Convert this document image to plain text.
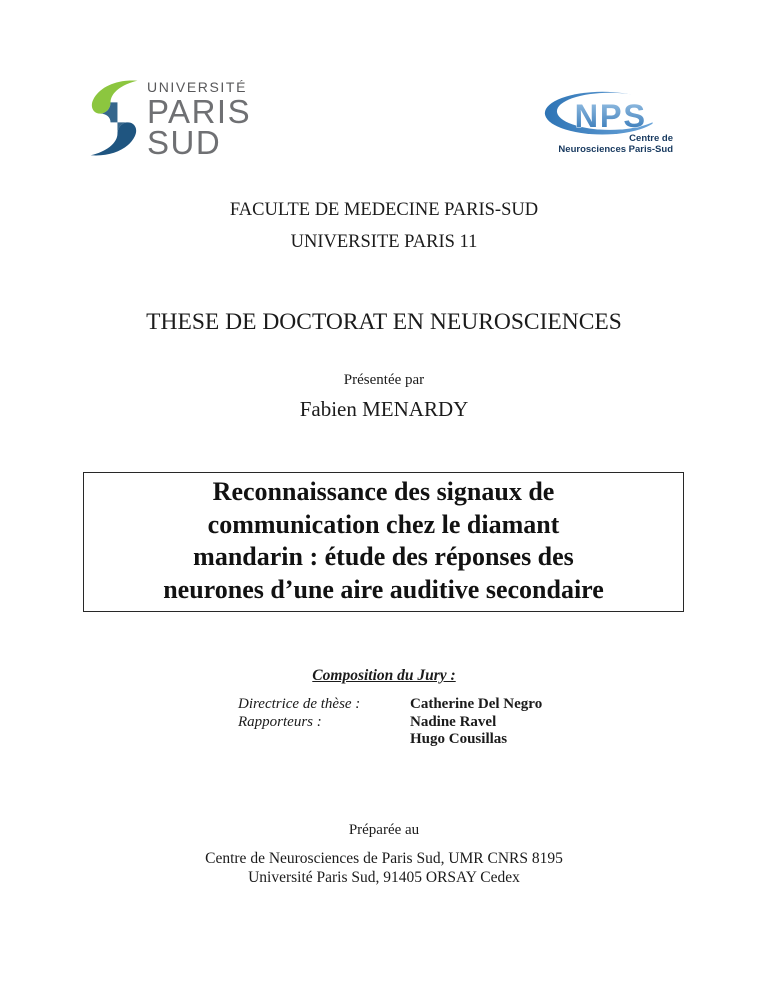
UNIVERSITÉ
PARIS
SUD
NPS
Centre de
Neurosciences Paris-Sud
FACULTE DE MEDECINE PARIS-SUD
UNIVERSITE PARIS 11
THESE DE DOCTORAT EN NEUROSCIENCES
Présentée par
Fabien MENARDY
Reconnaissance des signaux de
communication chez le diamant
mandarin : étude des réponses des
neurones d’une aire auditive secondaire
Composition du Jury :
Directrice de thèse :	Catherine Del Negro
Rapporteurs :	Nadine Ravel
Hugo Cousillas
Préparée au
Centre de Neurosciences de Paris Sud, UMR CNRS 8195
Université Paris Sud, 91405 ORSAY Cedex
